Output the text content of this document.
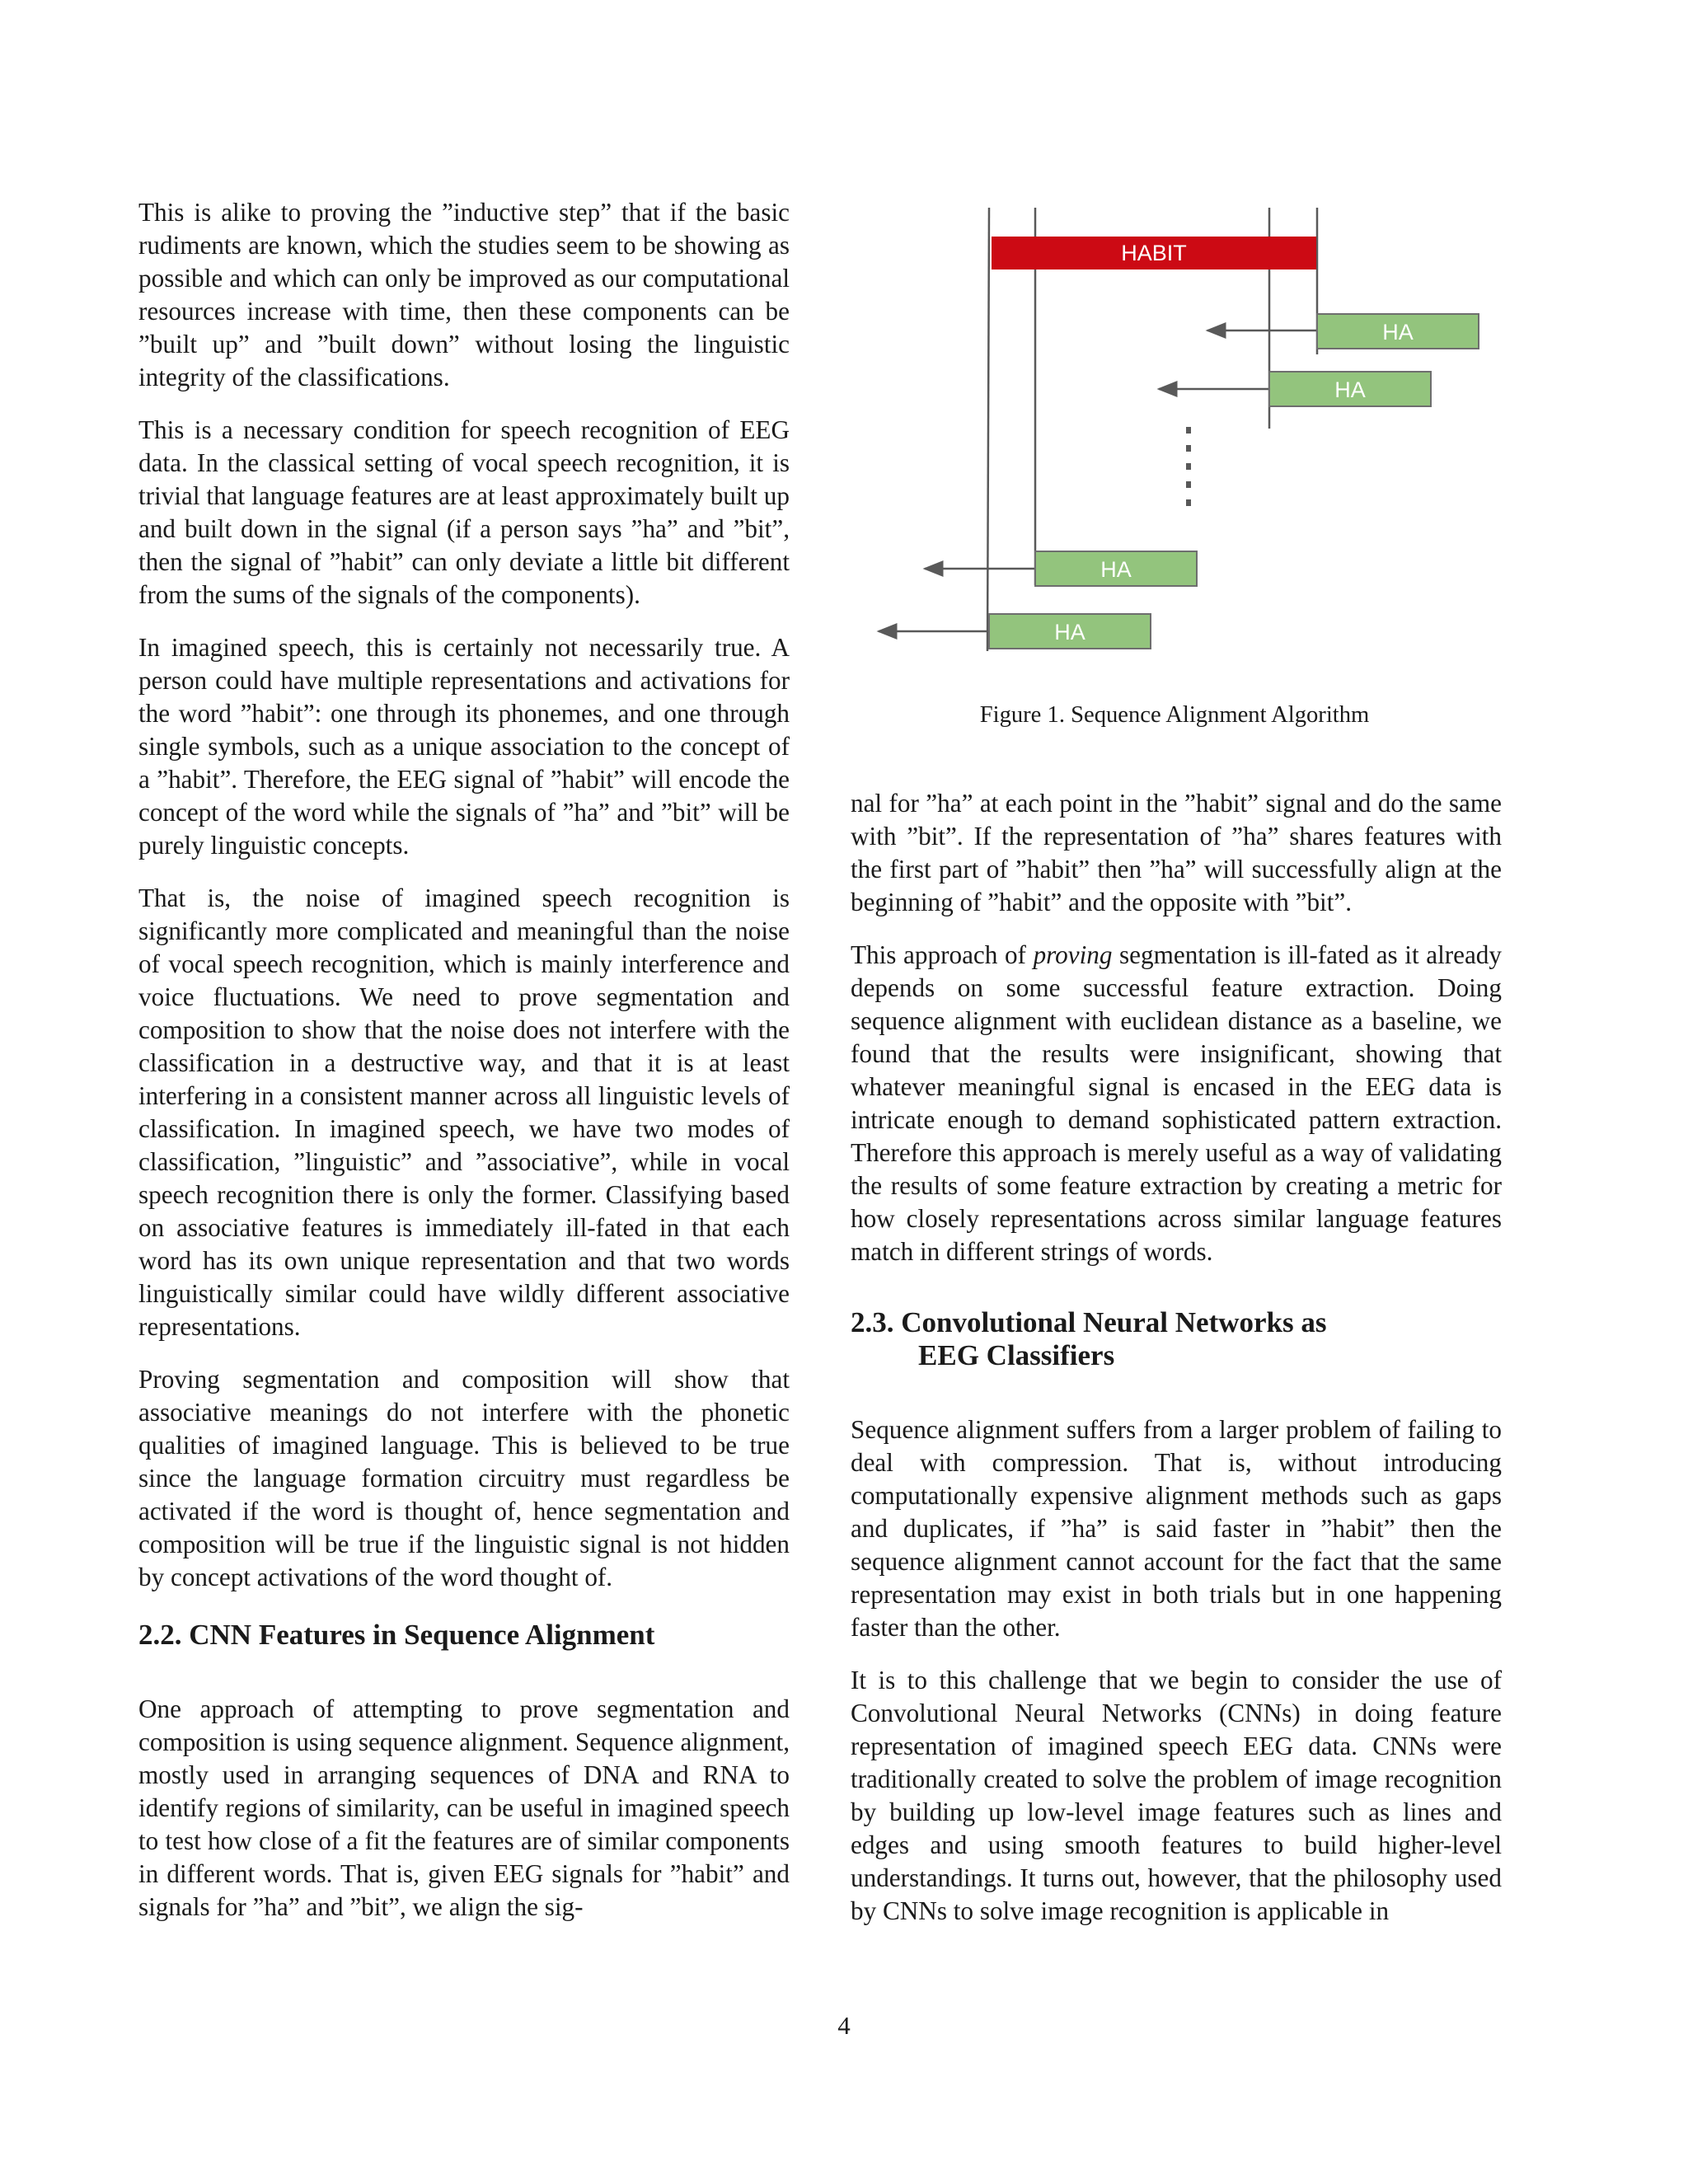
This is alike to proving the ”inductive step” that if the basic rudiments are known, which the studies seem to be showing as possible and which can only be improved as our computational resources increase with time, then these components can be ”built up” and ”built down” without losing the linguistic integrity of the classifications.

This is a necessary condition for speech recognition of EEG data. In the classical setting of vocal speech recognition, it is trivial that language features are at least approximately built up and built down in the signal (if a person says ”ha” and ”bit”, then the signal of ”habit” can only deviate a little bit different from the sums of the signals of the components).

In imagined speech, this is certainly not necessarily true. A person could have multiple representations and activations for the word ”habit”: one through its phonemes, and one through single symbols, such as a unique association to the concept of a ”habit”. Therefore, the EEG signal of ”habit” will encode the concept of the word while the signals of ”ha” and ”bit” will be purely linguistic concepts.

That is, the noise of imagined speech recognition is significantly more complicated and meaningful than the noise of vocal speech recognition, which is mainly interference and voice fluctuations. We need to prove segmentation and composition to show that the noise does not interfere with the classification in a destructive way, and that it is at least interfering in a consistent manner across all linguistic levels of classification. In imagined speech, we have two modes of classification, ”linguistic” and ”associative”, while in vocal speech recognition there is only the former. Classifying based on associative features is immediately ill-fated in that each word has its own unique representation and that two words linguistically similar could have wildly different associative representations.

Proving segmentation and composition will show that associative meanings do not interfere with the phonetic qualities of imagined language. This is believed to be true since the language formation circuitry must regardless be activated if the word is thought of, hence segmentation and composition will be true if the linguistic signal is not hidden by concept activations of the word thought of.

2.2. CNN Features in Sequence Alignment

One approach of attempting to prove segmentation and composition is using sequence alignment. Sequence alignment, mostly used in arranging sequences of DNA and RNA to identify regions of similarity, can be useful in imagined speech to test how close of a fit the features are of similar components in different words. That is, given EEG signals for ”habit” and signals for ”ha” and ”bit”, we align the sig-

HABIT
HA
HA
HA
HA
Figure 1. Sequence Alignment Algorithm

nal for ”ha” at each point in the ”habit” signal and do the same with ”bit”. If the representation of ”ha” shares features with the first part of ”habit” then ”ha” will successfully align at the beginning of ”habit” and the opposite with ”bit”.

This approach of proving segmentation is ill-fated as it already depends on some successful feature extraction. Doing sequence alignment with euclidean distance as a baseline, we found that the results were insignificant, showing that whatever meaningful signal is encased in the EEG data is intricate enough to demand sophisticated pattern extraction. Therefore this approach is merely useful as a way of validating the results of some feature extraction by creating a metric for how closely representations across similar language features match in different strings of words.

2.3. Convolutional Neural Networks as
EEG Classifiers

Sequence alignment suffers from a larger problem of failing to deal with compression. That is, without introducing computationally expensive alignment methods such as gaps and duplicates, if ”ha” is said faster in ”habit” then the sequence alignment cannot account for the fact that the same representation may exist in both trials but in one happening faster than the other.

It is to this challenge that we begin to consider the use of Convolutional Neural Networks (CNNs) in doing feature representation of imagined speech EEG data. CNNs were traditionally created to solve the problem of image recognition by building up low-level image features such as lines and edges and using smooth features to build higher-level understandings. It turns out, however, that the philosophy used by CNNs to solve image recognition is applicable in

4
